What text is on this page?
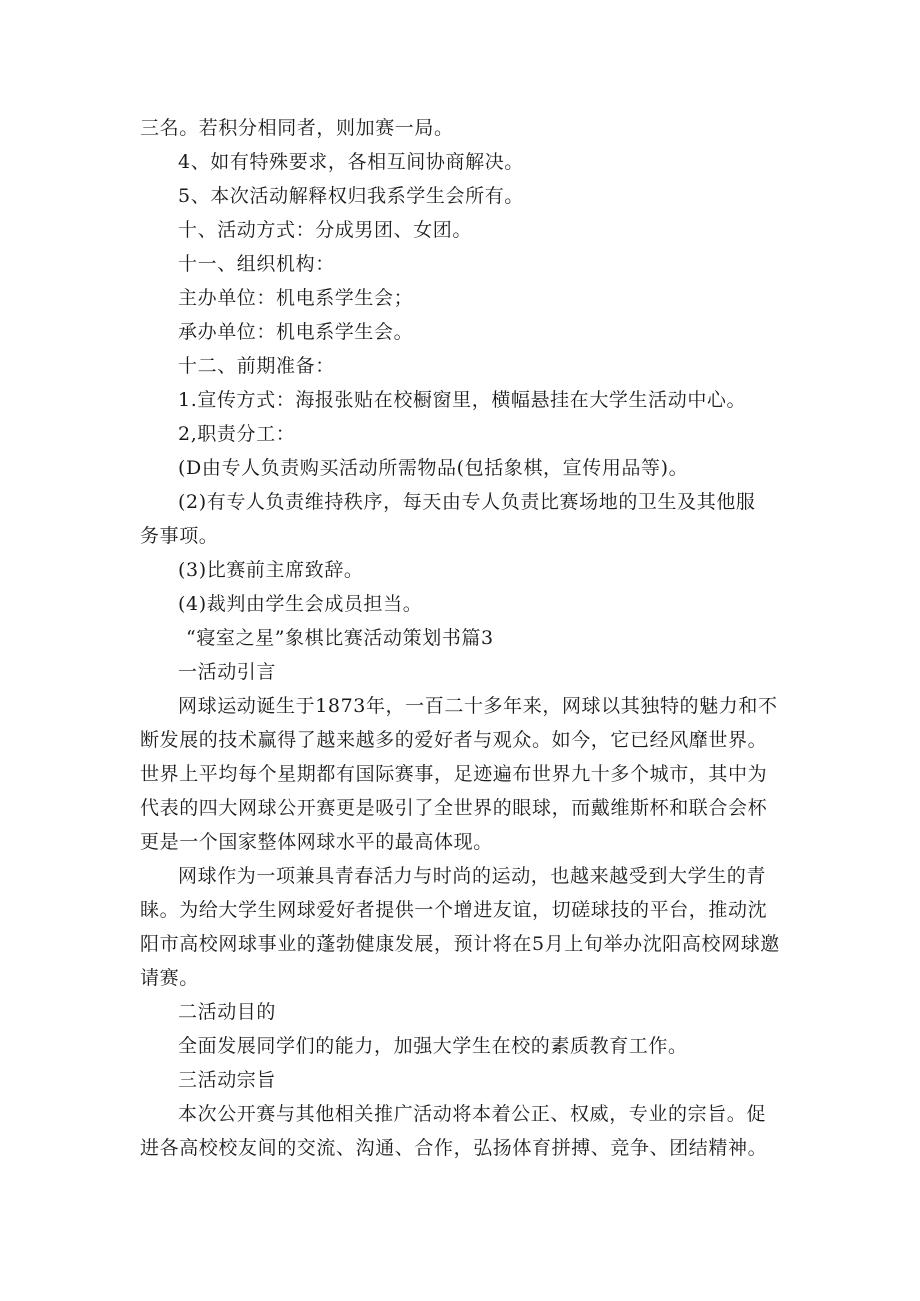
三名。若积分相同者，则加赛一局。
4、如有特殊要求，各相互间协商解决。
5、本次活动解释权归我系学生会所有。
十、活动方式：分成男团、女团。
十一、组织机构：
主办单位：机电系学生会；
承办单位：机电系学生会。
十二、前期准备：
1.宣传方式：海报张贴在校橱窗里，横幅悬挂在大学生活动中心。
2,职责分工：
(D由专人负责购买活动所需物品(包括象棋，宣传用品等)。
(2)有专人负责维持秩序，每天由专人负责比赛场地的卫生及其他服
务事项。
(3)比赛前主席致辞。
(4)裁判由学生会成员担当。
“寝室之星”象棋比赛活动策划书篇3
一活动引言
网球运动诞生于1873年，一百二十多年来，网球以其独特的魅力和不
断发展的技术赢得了越来越多的爱好者与观众。如今，它已经风靡世界。
世界上平均每个星期都有国际赛事，足迹遍布世界九十多个城市，其中为
代表的四大网球公开赛更是吸引了全世界的眼球，而戴维斯杯和联合会杯
更是一个国家整体网球水平的最高体现。
网球作为一项兼具青春活力与时尚的运动，也越来越受到大学生的青
睐。为给大学生网球爱好者提供一个增进友谊，切磋球技的平台，推动沈
阳市高校网球事业的蓬勃健康发展，预计将在5月上旬举办沈阳高校网球邀
请赛。
二活动目的
全面发展同学们的能力，加强大学生在校的素质教育工作。
三活动宗旨
本次公开赛与其他相关推广活动将本着公正、权威，专业的宗旨。促
进各高校校友间的交流、沟通、合作，弘扬体育拼搏、竞争、团结精神。
